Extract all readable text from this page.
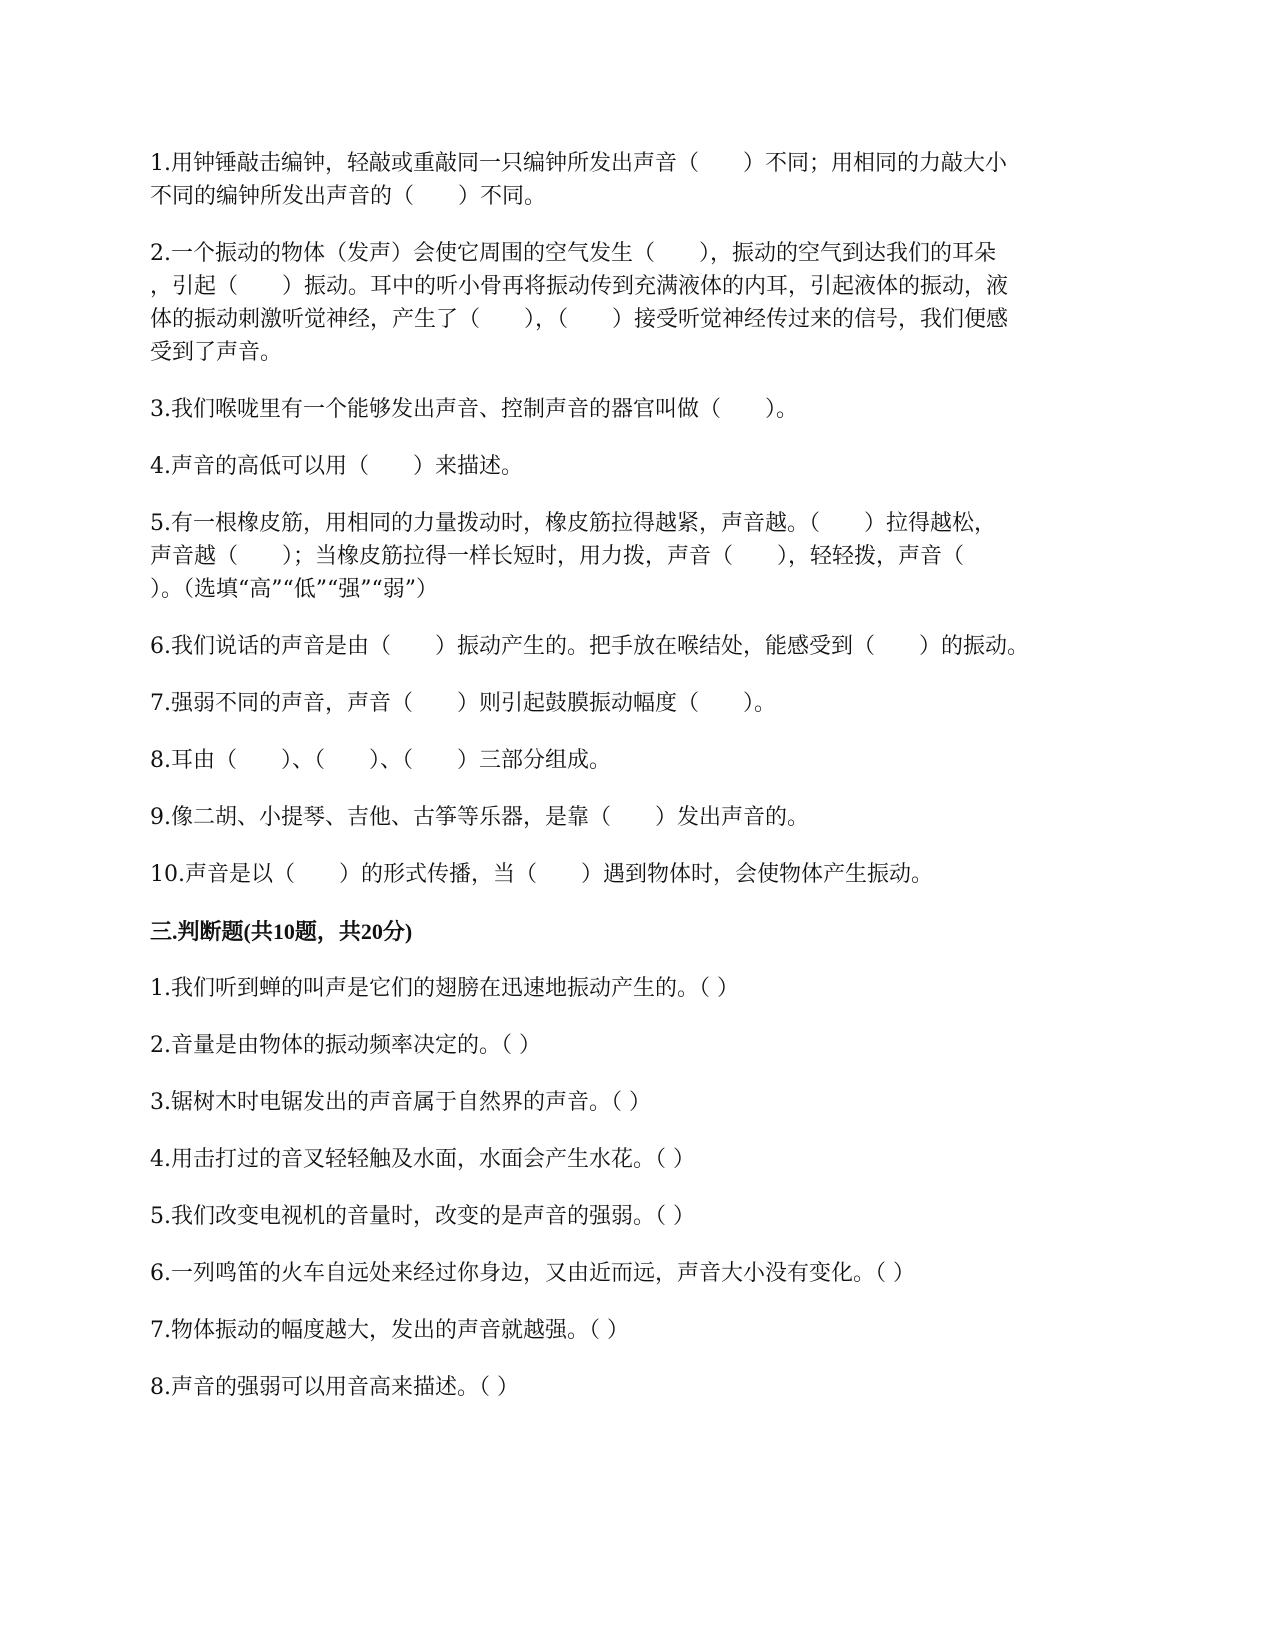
1.用钟锤敲击编钟，轻敲或重敲同一只编钟所发出声音（　　）不同；用相同的力敲大小

不同的编钟所发出声音的（　　）不同。

2.一个振动的物体（发声）会使它周围的空气发生（　　），振动的空气到达我们的耳朵

，引起（　　）振动。耳中的听小骨再将振动传到充满液体的内耳，引起液体的振动，液

体的振动刺激听觉神经，产生了（　　），（　　）接受听觉神经传过来的信号，我们便感

受到了声音。

3.我们喉咙里有一个能够发出声音、控制声音的器官叫做（　　）。

4.声音的高低可以用（　　）来描述。

5.有一根橡皮筋，用相同的力量拨动时，橡皮筋拉得越紧，声音越。（　　）拉得越松，

声音越（　　）；当橡皮筋拉得一样长短时，用力拨，声音（　　），轻轻拨，声音（

）。（选填“高”“低”“强”“弱”）

6.我们说话的声音是由（　　）振动产生的。把手放在喉结处，能感受到（　　）的振动。

7.强弱不同的声音，声音（　　）则引起鼓膜振动幅度（　　）。

8.耳由（　　）、（　　）、（　　）三部分组成。

9.像二胡、小提琴、吉他、古筝等乐器，是靠（　　）发出声音的。

10.声音是以（　　）的形式传播，当（　　）遇到物体时，会使物体产生振动。

三.判断题(共10题，共20分)

1.我们听到蝉的叫声是它们的翅膀在迅速地振动产生的。（ ）

2.音量是由物体的振动频率决定的。（ ）

3.锯树木时电锯发出的声音属于自然界的声音。（ ）

4.用击打过的音叉轻轻触及水面，水面会产生水花。（ ）

5.我们改变电视机的音量时，改变的是声音的强弱。（ ）

6.一列鸣笛的火车自远处来经过你身边，又由近而远，声音大小没有变化。（ ）

7.物体振动的幅度越大，发出的声音就越强。（ ）

8.声音的强弱可以用音高来描述。（ ）
